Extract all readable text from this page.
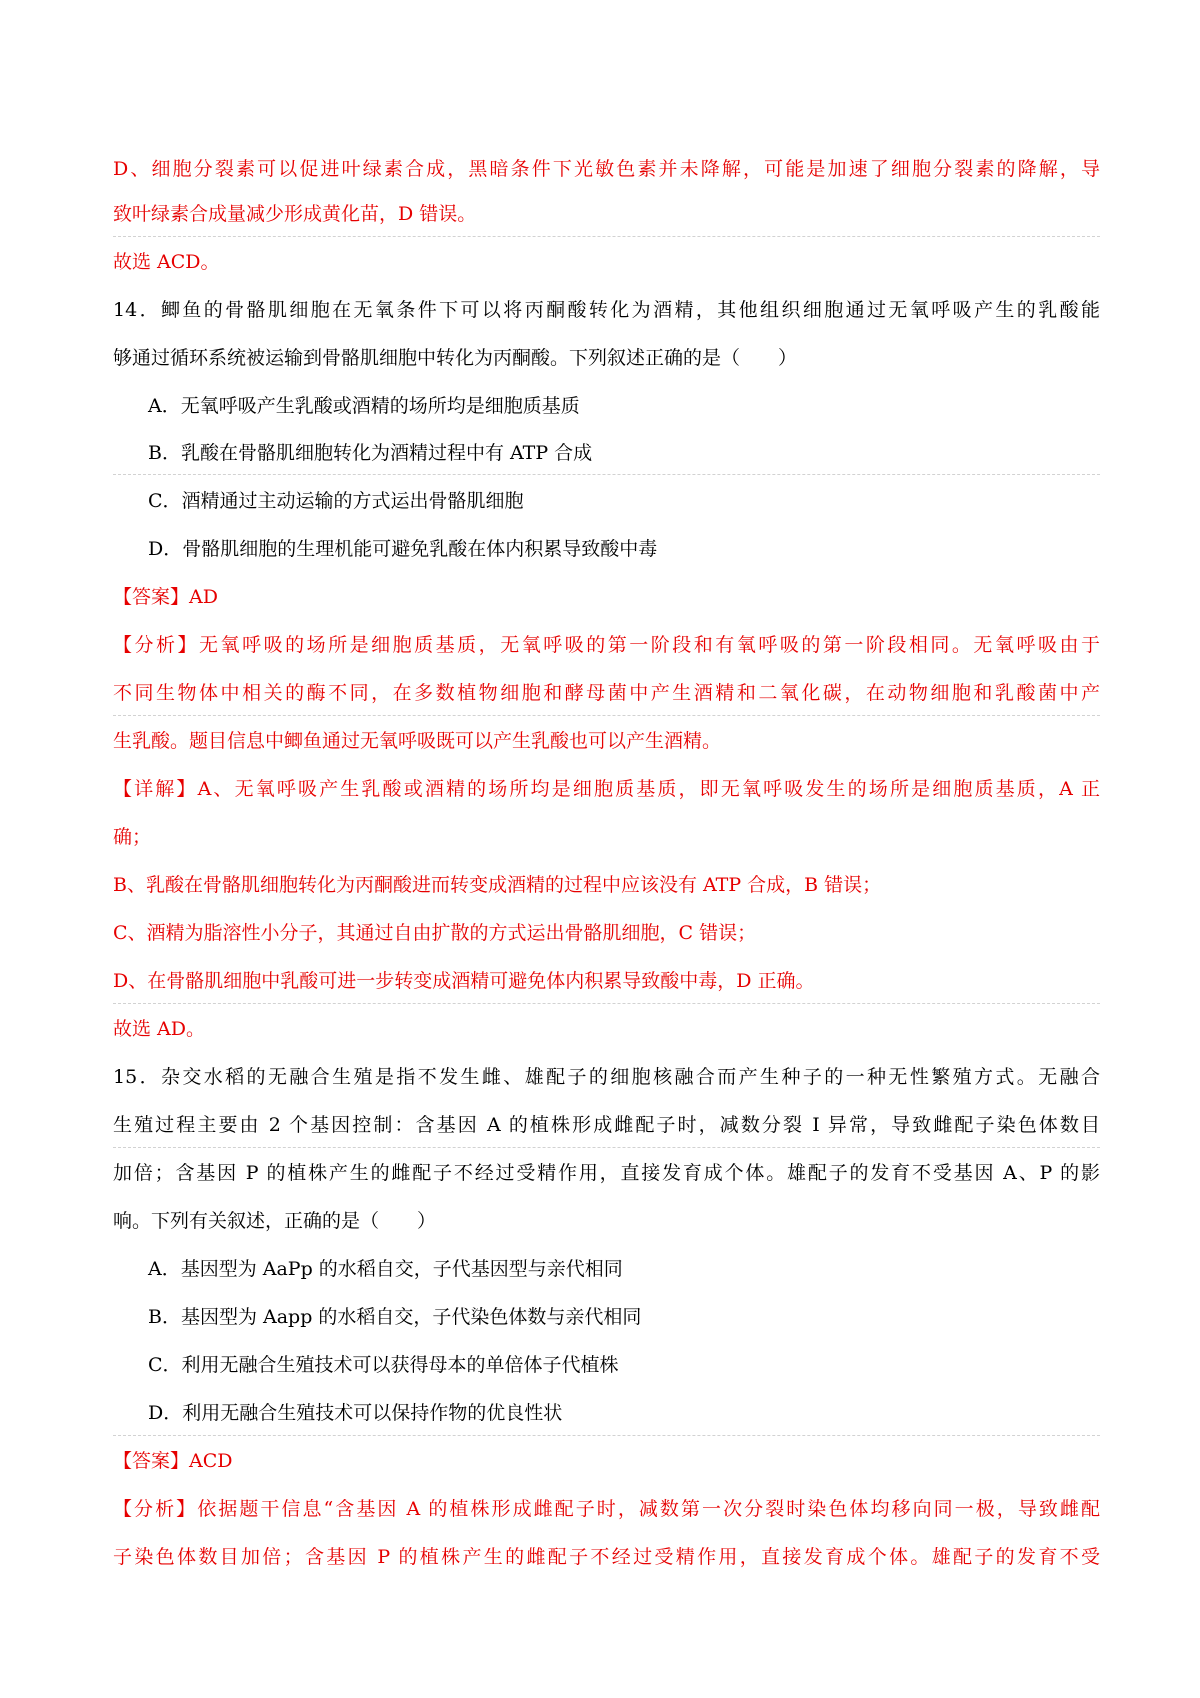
D、细胞分裂素可以促进叶绿素合成，黑暗条件下光敏色素并未降解，可能是加速了细胞分裂素的降解，导
致叶绿素合成量减少形成黄化苗，D 错误。
故选 ACD。
14．鲫鱼的骨骼肌细胞在无氧条件下可以将丙酮酸转化为酒精，其他组织细胞通过无氧呼吸产生的乳酸能
够通过循环系统被运输到骨骼肌细胞中转化为丙酮酸。下列叙述正确的是（　　）
A．无氧呼吸产生乳酸或酒精的场所均是细胞质基质
B．乳酸在骨骼肌细胞转化为酒精过程中有 ATP 合成
C．酒精通过主动运输的方式运出骨骼肌细胞
D．骨骼肌细胞的生理机能可避免乳酸在体内积累导致酸中毒
【答案】AD
【分析】无氧呼吸的场所是细胞质基质，无氧呼吸的第一阶段和有氧呼吸的第一阶段相同。无氧呼吸由于
不同生物体中相关的酶不同，在多数植物细胞和酵母菌中产生酒精和二氧化碳，在动物细胞和乳酸菌中产
生乳酸。题目信息中鲫鱼通过无氧呼吸既可以产生乳酸也可以产生酒精。
【详解】A、无氧呼吸产生乳酸或酒精的场所均是细胞质基质，即无氧呼吸发生的场所是细胞质基质，A 正
确；
B、乳酸在骨骼肌细胞转化为丙酮酸进而转变成酒精的过程中应该没有 ATP 合成，B 错误；
C、酒精为脂溶性小分子，其通过自由扩散的方式运出骨骼肌细胞，C 错误；
D、在骨骼肌细胞中乳酸可进一步转变成酒精可避免体内积累导致酸中毒，D 正确。
故选 AD。
15．杂交水稻的无融合生殖是指不发生雌、雄配子的细胞核融合而产生种子的一种无性繁殖方式。无融合
生殖过程主要由 2 个基因控制：含基因 A 的植株形成雌配子时，减数分裂 I 异常，导致雌配子染色体数目
加倍；含基因 P 的植株产生的雌配子不经过受精作用，直接发育成个体。雄配子的发育不受基因 A、P 的影
响。下列有关叙述，正确的是（　　）
A．基因型为 AaPp 的水稻自交，子代基因型与亲代相同
B．基因型为 Aapp 的水稻自交，子代染色体数与亲代相同
C．利用无融合生殖技术可以获得母本的单倍体子代植株
D．利用无融合生殖技术可以保持作物的优良性状
【答案】ACD
【分析】依据题干信息“含基因 A 的植株形成雌配子时，减数第一次分裂时染色体均移向同一极，导致雌配
子染色体数目加倍；含基因 P 的植株产生的雌配子不经过受精作用，直接发育成个体。雄配子的发育不受
